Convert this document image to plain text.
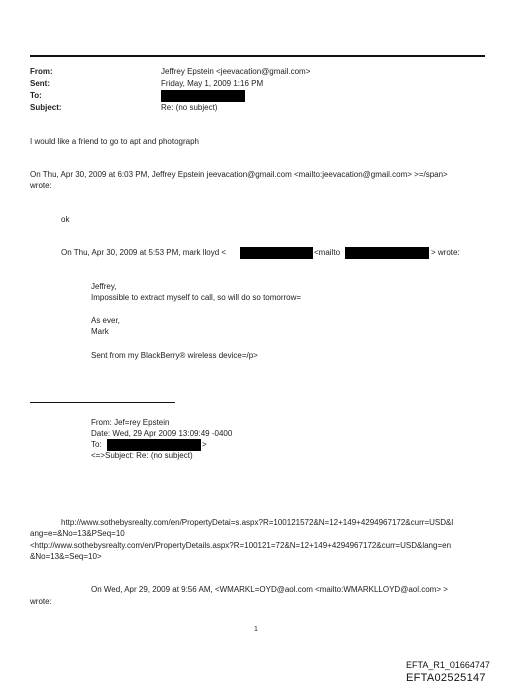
From:	Jeffrey Epstein <jeevacation@gmail.com>
Sent:	Friday, May 1, 2009 1:16 PM
To:
Subject:	Re: (no subject)
I would like a friend to go to apt and photograph
On Thu, Apr 30, 2009 at 6:03 PM, Jeffrey Epstein jeevacation@gmail.com <mailto:jeevacation@gmail.com> >=/span>
wrote:
ok
On Thu, Apr 30, 2009 at 5:53 PM, mark lloyd <	<mailto	> wrote:
Jeffrey,
Impossible to extract myself to call, so will do so tomorrow=
As ever,
Mark
Sent from my BlackBerry® wireless device=/p>
From: Jef=rey Epstein
Date: Wed, 29 Apr 2009 13:09:49 -0400
To:	>
<=>Subject: Re: (no subject)
http://www.sothebysrealty.com/en/PropertyDetai=s.aspx?R=100121572&N=12+149+4294967172&curr=USD&l
ang=e=&No=13&PSeq=10
<http://www.sothebysrealty.com/en/PropertyDetails.aspx?R=100121=72&N=12+149+4294967172&curr=USD&lang=en
&No=13&=Seq=10>
On Wed, Apr 29, 2009 at 9:56 AM, <WMARKL=OYD@aol.com <mailto:WMARKLLOYD@aol.com> >
wrote:
1
EFTA_R1_01664747
EFTA02525147
